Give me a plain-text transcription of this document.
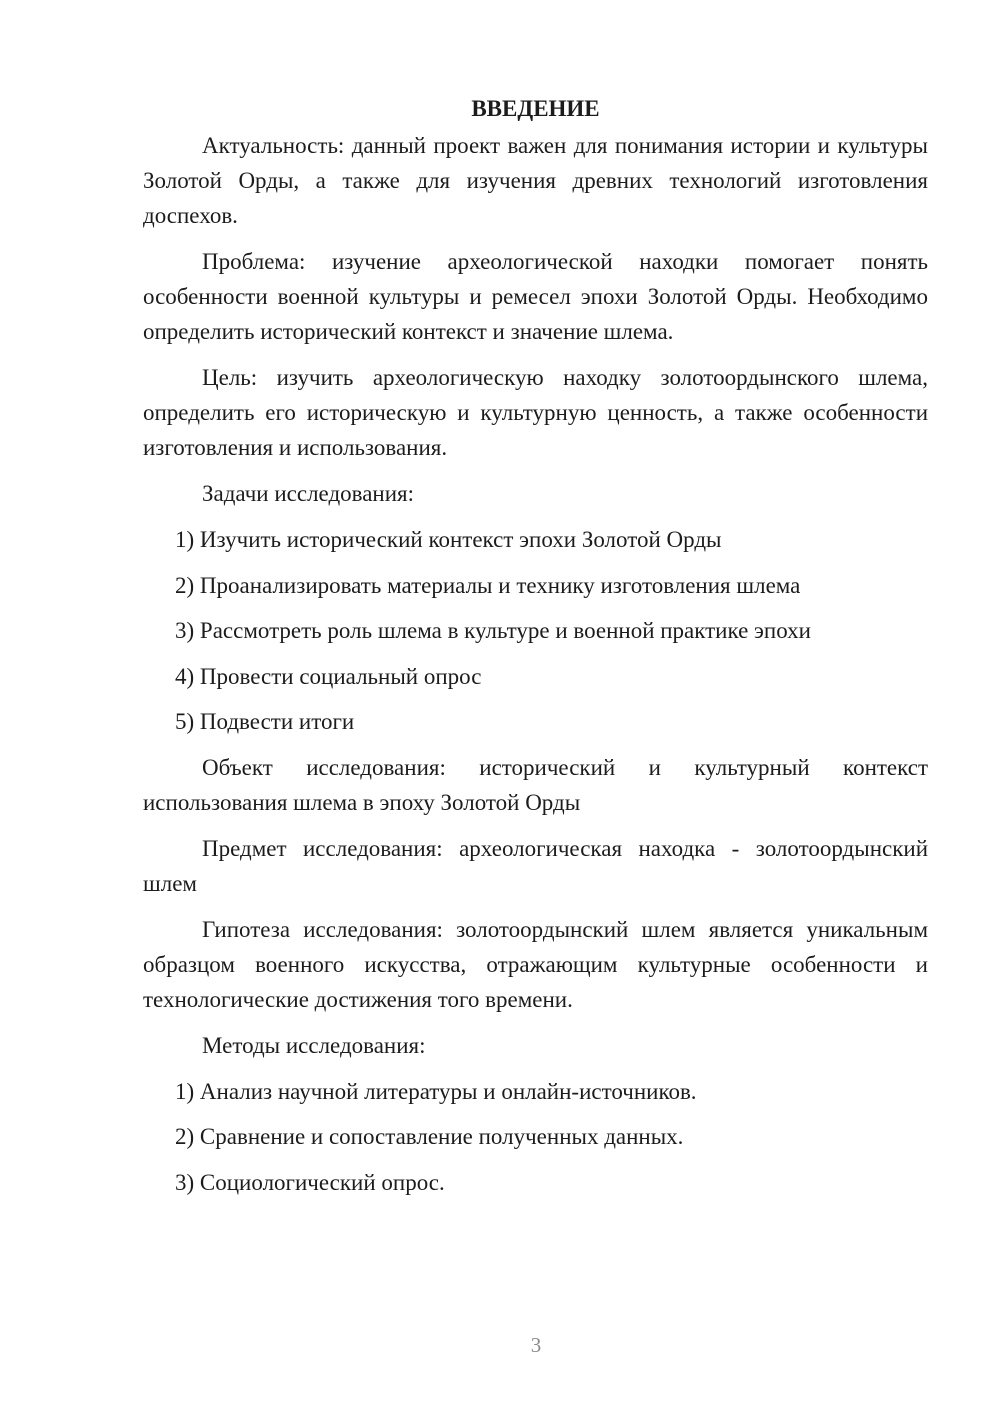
ВВЕДЕНИЕ

Актуальность: данный проект важен для понимания истории и культуры Золотой Орды, а также для изучения древних технологий изготовления доспехов.

Проблема: изучение археологической находки помогает понять особенности военной культуры и ремесел эпохи Золотой Орды. Необходимо определить исторический контекст и значение шлема.

Цель: изучить археологическую находку золотоордынского шлема, определить его историческую и культурную ценность, а также особенности изготовления и использования.

Задачи исследования:

1) Изучить исторический контекст эпохи Золотой Орды
2) Проанализировать материалы и технику изготовления шлема
3) Рассмотреть роль шлема в культуре и военной практике эпохи
4) Провести социальный опрос
5) Подвести итоги

Объект исследования: исторический и культурный контекст использования шлема в эпоху Золотой Орды

Предмет исследования: археологическая находка - золотоордынский шлем

Гипотеза исследования: золотоордынский шлем является уникальным образцом военного искусства, отражающим культурные особенности и технологические достижения того времени.

Методы исследования:

1) Анализ научной литературы и онлайн-источников.
2) Сравнение и сопоставление полученных данных.
3) Социологический опрос.
3
